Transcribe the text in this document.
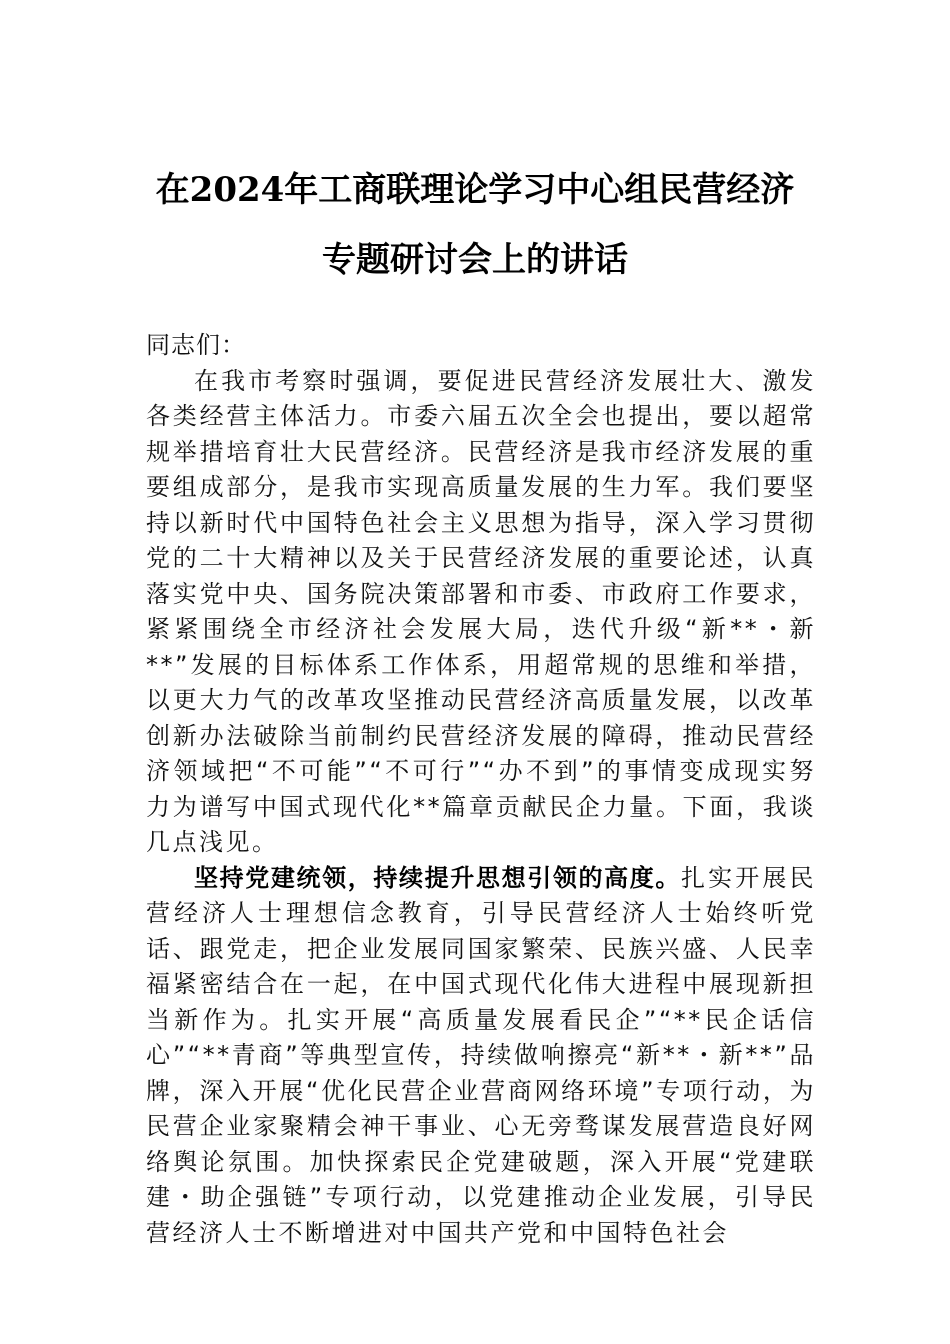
在2024年工商联理论学习中心组民营经济
专题研讨会上的讲话

同志们：

在我市考察时强调，要促进民营经济发展壮大、激发各类经营主体活力。市委六届五次全会也提出，要以超常规举措培育壮大民营经济。民营经济是我市经济发展的重要组成部分，是我市实现高质量发展的生力军。我们要坚持以新时代中国特色社会主义思想为指导，深入学习贯彻党的二十大精神以及关于民营经济发展的重要论述，认真落实党中央、国务院决策部署和市委、市政府工作要求，紧紧围绕全市经济社会发展大局，迭代升级“新**・新**”发展的目标体系工作体系，用超常规的思维和举措，以更大力气的改革攻坚推动民营经济高质量发展，以改革创新办法破除当前制约民营经济发展的障碍，推动民营经济领域把“不可能”“不可行”“办不到”的事情变成现实努力为谱写中国式现代化**篇章贡献民企力量。下面，我谈几点浅见。

坚持党建统领，持续提升思想引领的高度。扎实开展民营经济人士理想信念教育，引导民营经济人士始终听党话、跟党走，把企业发展同国家繁荣、民族兴盛、人民幸福紧密结合在一起，在中国式现代化伟大进程中展现新担当新作为。扎实开展“高质量发展看民企”“**民企话信心”“**青商”等典型宣传，持续做响擦亮“新**・新**”品牌，深入开展“优化民营企业营商网络环境”专项行动，为民营企业家聚精会神干事业、心无旁骛谋发展营造良好网络舆论氛围。加快探索民企党建破题，深入开展“党建联建・助企强链”专项行动，以党建推动企业发展，引导民营经济人士不断增进对中国共产党和中国特色社会
